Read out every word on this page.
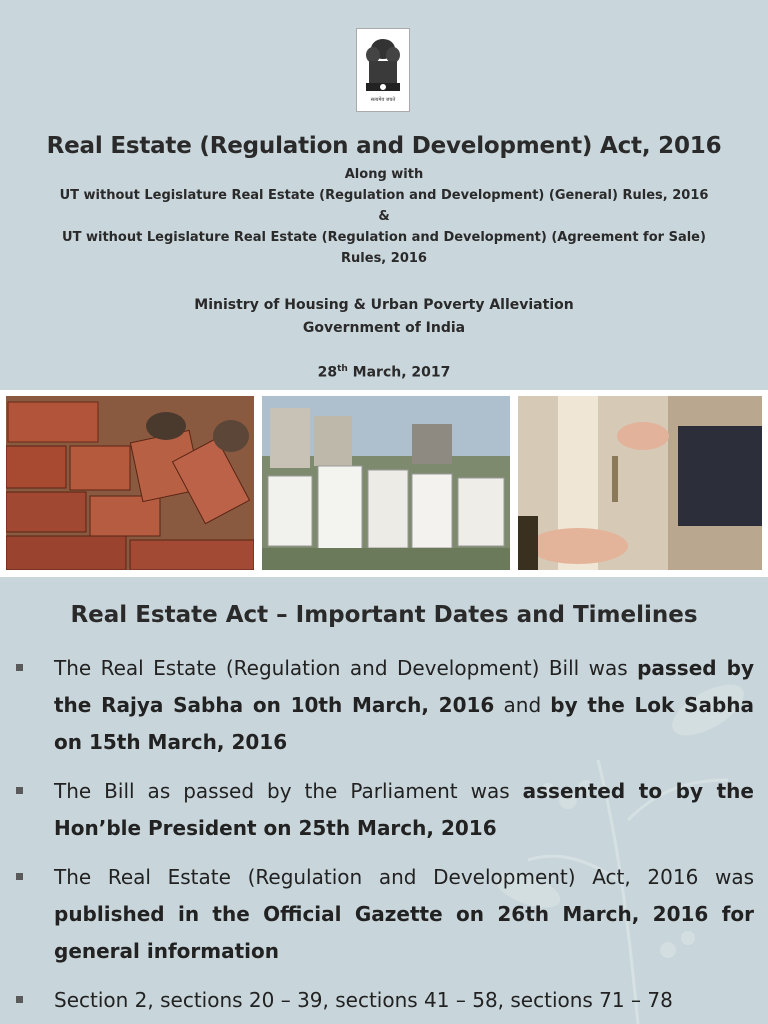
सत्यमेव जयते
Real Estate (Regulation and Development) Act, 2016
Along with
UT without Legislature Real Estate (Regulation and Development) (General) Rules, 2016
&
UT without Legislature Real Estate (Regulation and Development) (Agreement for Sale)
Rules, 2016
Ministry of Housing & Urban Poverty Alleviation
Government of India
28th March, 2017
Real Estate Act – Important Dates and Timelines
The Real Estate (Regulation and Development) Bill was passed by the Rajya Sabha on 10th March, 2016 and by the Lok Sabha on 15th March, 2016
The Bill as passed by the Parliament was assented to by the Hon’ble President on 25th March, 2016
The Real Estate (Regulation and Development) Act, 2016 was published in the Official Gazette on 26th March, 2016 for general information
Section 2, sections 20 – 39, sections 41 – 58, sections 71 – 78
